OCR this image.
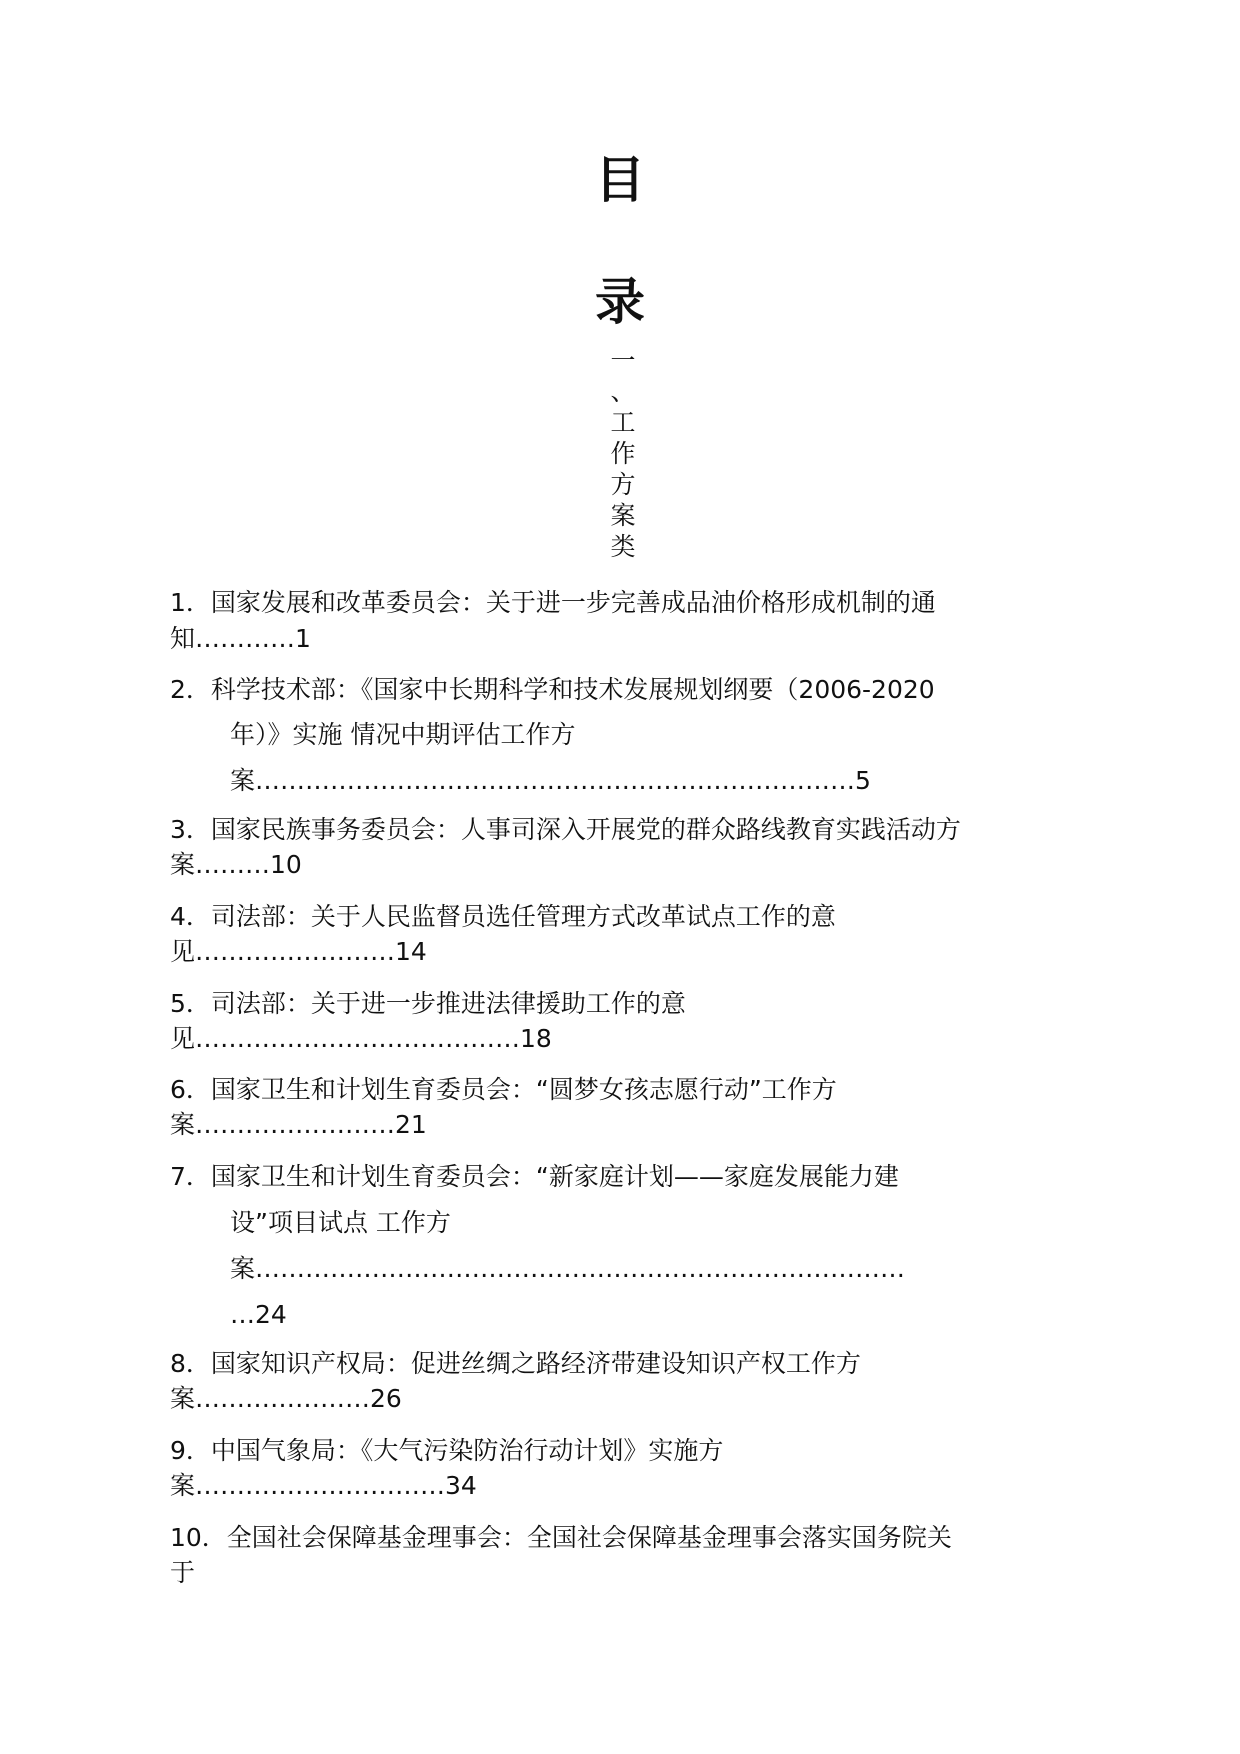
目
录
一
、
工
作
方
案
类
1．国家发展和改革委员会：关于进一步完善成品油价格形成机制的通
知…………1
2．科学技术部：《国家中长期科学和技术发展规划纲要（2006-2020
年）》实施 情况中期评估工作方
案………………………………………………………………5
3．国家民族事务委员会：人事司深入开展党的群众路线教育实践活动方
案………10
4．司法部：关于人民监督员选任管理方式改革试点工作的意
见……………………14
5．司法部：关于进一步推进法律援助工作的意
见…………………………………18
6．国家卫生和计划生育委员会：“圆梦女孩志愿行动”工作方
案……………………21
7．国家卫生和计划生育委员会：“新家庭计划——家庭发展能力建
设”项目试点 工作方
案……………………………………………………………………
…24
8．国家知识产权局：促进丝绸之路经济带建设知识产权工作方
案…………………26
9．中国气象局：《大气污染防治行动计划》实施方
案…………………………34
10．全国社会保障基金理事会：全国社会保障基金理事会落实国务院关
于
